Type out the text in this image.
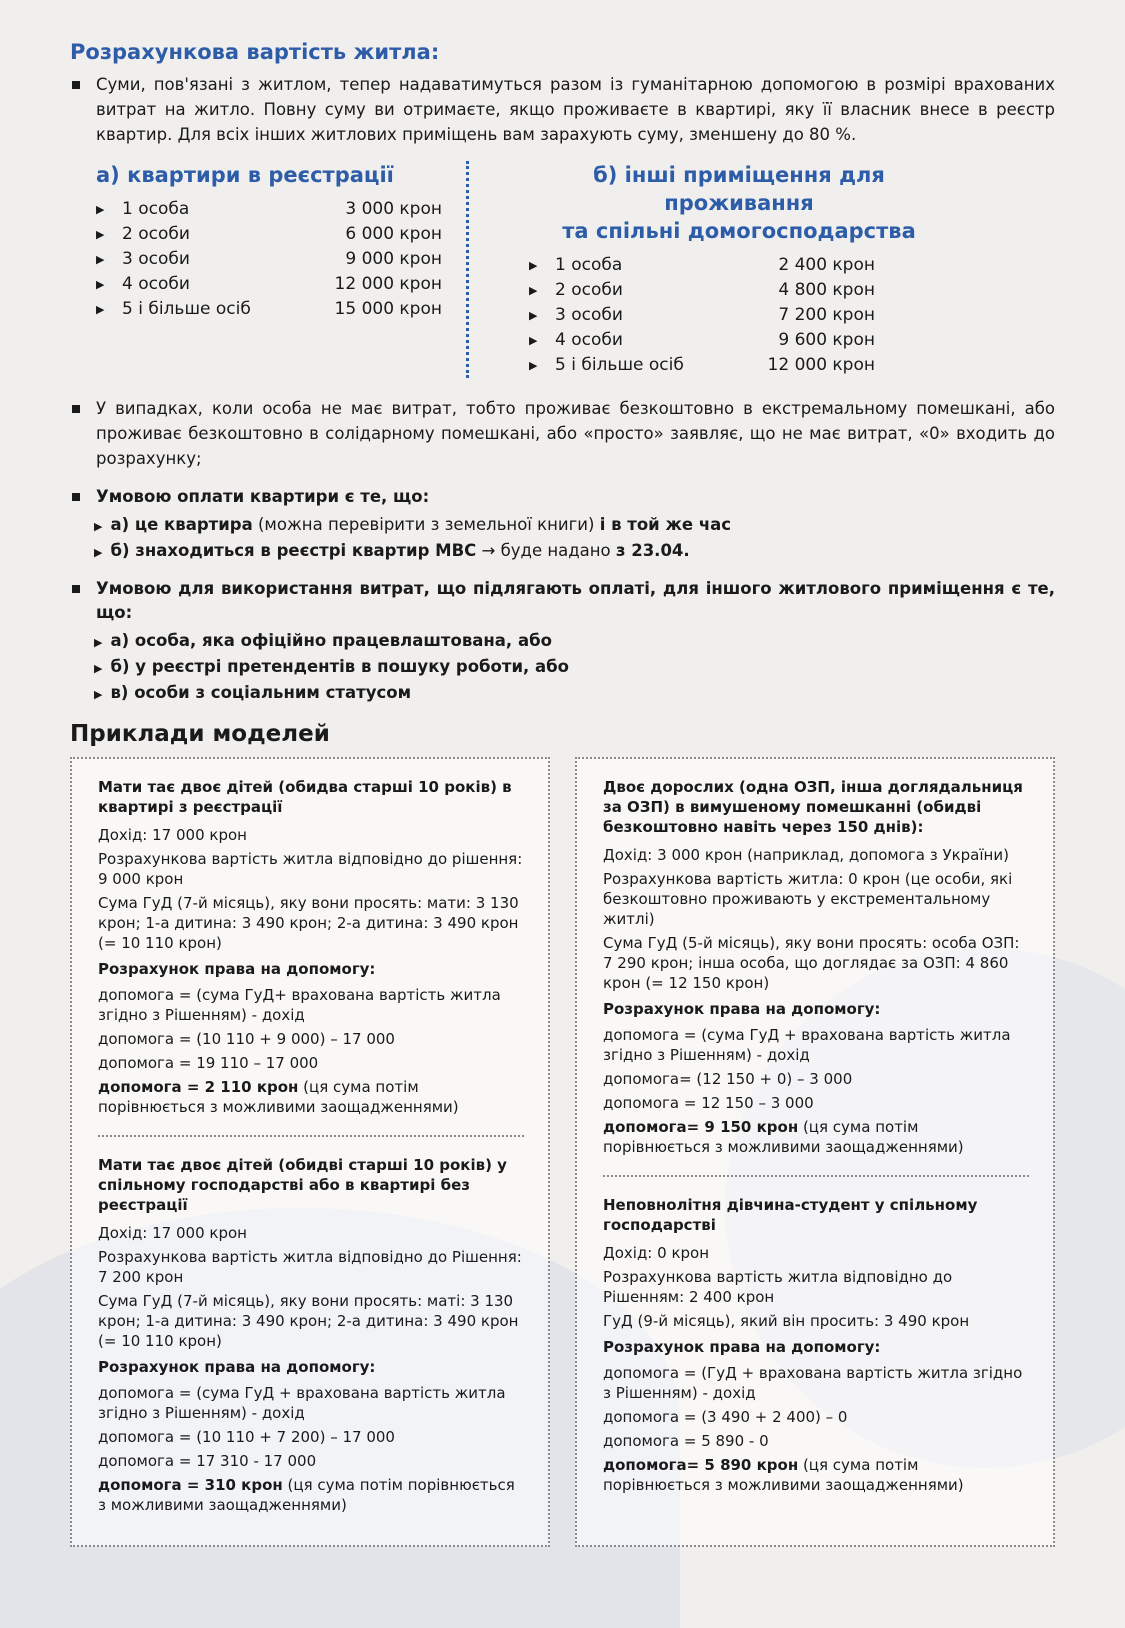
Розрахункова вартість житла:

Суми, пов'язані з житлом, тепер надаватимуться разом із гуманітарною допомогою в розмірі врахованих витрат на житло. Повну суму ви отримаєте, якщо проживаєте в квартирі, яку її власник внесе в реєстр квартир. Для всіх інших житлових приміщень вам зарахують суму, зменшену до 80 %.

а) квартири в реєстрації
▶	1 особа	3 000 крон
▶	2 особи	6 000 крон
▶	3 особи	9 000 крон
▶	4 особи	12 000 крон
▶	5 і більше осіб	15 000 крон
б) інші приміщення для проживання
та спільні домогосподарства
▶	1 особа	2 400 крон
▶	2 особи	4 800 крон
▶	3 особи	7 200 крон
▶	4 особи	9 600 крон
▶	5 і більше осіб	12 000 крон

У випадках, коли особа не має витрат, тобто проживає безкоштовно в екстремальному помешкані, або проживає безкоштовно в солідарному помешкані, або «просто» заявляє, що не має витрат, «0» входить до розрахунку;

Умовою оплати квартири є те, що:

▶ а) це квартира (можна перевірити з земельної книги) і в той же час
▶ б) знаходиться в реєстрі квартир МВС → буде надано з 23.04.

Умовою для використання витрат, що підлягають оплаті, для іншого житлового приміщення є те, що:

▶ а) особа, яка офіційно працевлаштована, або
▶ б) у реєстрі претендентів в пошуку роботи, або
▶ в) особи з соціальним статусом
Приклади моделей

Мати тає двоє дітей (обидва старші 10 років) в квартирі з реєстрації

Дохід: 17 000 крон

Розрахункова вартість житла відповідно до рішення: 9 000 крон

Сума ГуД (7-й місяць), яку вони просять: мати: 3 130 крон; 1-а дитина: 3 490 крон; 2-а дитина: 3 490 крон (= 10 110 крон)

Розрахунок права на допомогу:

допомога = (сума ГуД+ врахована вартість житла згідно з Рішенням) - дохід

допомога = (10 110 + 9 000) – 17 000

допомога = 19 110 – 17 000

допомога = 2 110 крон (ця сума потім порівнюється з можливими заощадженнями)

Мати тає двоє дітей (обидві старші 10 років) у спільному господарстві або в квартирі без реєстрації

Дохід: 17 000 крон

Розрахункова вартість житла відповідно до Рішення: 7 200 крон

Сума ГуД (7-й місяць), яку вони просять: маті: 3 130 крон; 1-а дитина: 3 490 крон; 2-а дитина: 3 490 крон (= 10 110 крон)

Розрахунок права на допомогу:

допомога = (сума ГуД + врахована вартість житла згідно з Рішенням) - дохід

допомога = (10 110 + 7 200) – 17 000

допомога = 17 310 - 17 000

допомога = 310 крон (ця сума потім порівнюється з можливими заощадженнями)

Двоє дорослих (одна ОЗП, інша доглядальниця за ОЗП) в вимушеному помешканні (обидві безкоштовно навіть через 150 днів):

Дохід: 3 000 крон (наприклад, допомога з України)

Розрахункова вартість житла: 0 крон (це особи, які безкоштовно проживають у екстрементальному житлі)

Сума ГуД (5-й місяць), яку вони просять: особа ОЗП: 7 290 крон; інша особа, що доглядає за ОЗП: 4 860 крон (= 12 150 крон)

Розрахунок права на допомогу:

допомога = (сума ГуД + врахована вартість житла згідно з Рішенням) - дохід

допомога= (12 150 + 0) – 3 000

допомога = 12 150 – 3 000

допомога= 9 150 крон (ця сума потім порівнюється з можливими заощадженнями)

Неповнолітня дівчина-студент у спільному господарстві

Дохід: 0 крон

Розрахункова вартість житла відповідно до Рішенням: 2 400 крон

ГуД (9-й місяць), який він просить: 3 490 крон

Розрахунок права на допомогу:

допомога = (ГуД + врахована вартість житла згідно з Рішенням) - дохід

допомога = (3 490 + 2 400) – 0

допомога = 5 890 - 0

допомога= 5 890 крон (ця сума потім порівнюється з можливими заощадженнями)
